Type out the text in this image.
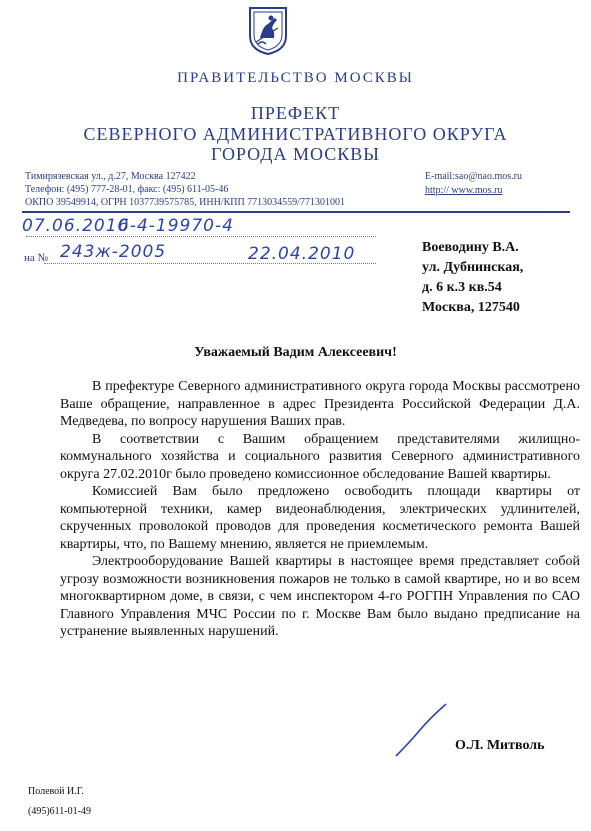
ПРАВИТЕЛЬСТВО МОСКВЫ
ПРЕФЕКТ
СЕВЕРНОГО АДМИНИСТРАТИВНОГО ОКРУГА
ГОРОДА МОСКВЫ
Тимирязевская ул., д.27, Москва 127422
Телефон: (495) 777-28-01, факс: (495) 611-05-46
ОКПО 39549914, ОГРН 1037739575785, ИНН/КПП 7713034559/771301001
E-mail:sao@nao.mos.ru
http:// www.mos.ru
07.06.2010
6-4-19970-4
на № 243ж-2005	22.04.2010	Воеводину В.А.
ул. Дубнинская,
д. 6 к.3 кв.54
Москва, 127540
Уважаемый Вадим Алексеевич!

В префектуре Северного административного округа города Москвы рассмотрено Ваше обращение, направленное в адрес Президента Российской Федерации Д.А. Медведева, по вопросу нарушения Ваших прав.

В соответствии с Вашим обращением представителями жилищно-коммунального хозяйства и социального развития Северного административного округа 27.02.2010г было проведено комиссионное обследование Вашей квартиры.

Комиссией Вам было предложено освободить площади квартиры от компьютерной техники, камер видеонаблюдения, электрических удлинителей, скрученных проволокой проводов для проведения косметического ремонта Вашей квартиры, что, по Вашему мнению, является не приемлемым.

Электрооборудование Вашей квартиры в настоящее время представляет собой угрозу возможности возникновения пожаров не только в самой квартире, но и во всем многоквартирном доме, в связи, с чем инспектором 4-го РОГПН Управления по САО Главного Управления МЧС России по г. Москве Вам было выдано предписание на устранение выявленных нарушений.

О.Л. Митволь
Полевой И.Г.
(495)611-01-49
